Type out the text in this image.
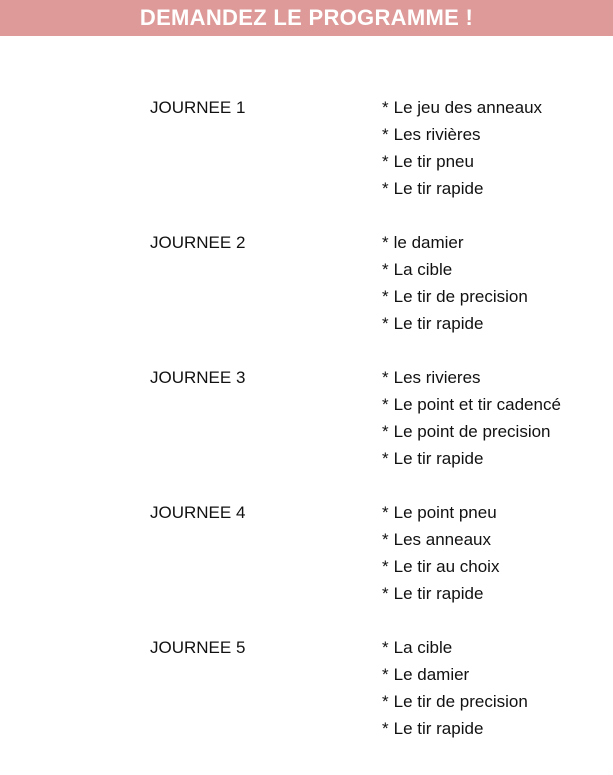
DEMANDEZ LE PROGRAMME !
JOURNEE 1	* Le jeu des anneaux
* Les rivières
* Le tir pneu
* Le tir rapide
JOURNEE 2	* le damier
* La cible
* Le tir de precision
* Le tir rapide
JOURNEE 3	* Les rivieres
* Le point et tir cadencé
* Le point de precision
* Le tir rapide
JOURNEE 4	* Le point pneu
* Les anneaux
* Le tir au choix
* Le tir rapide
JOURNEE 5	* La cible
* Le damier
* Le tir de precision
* Le tir rapide
